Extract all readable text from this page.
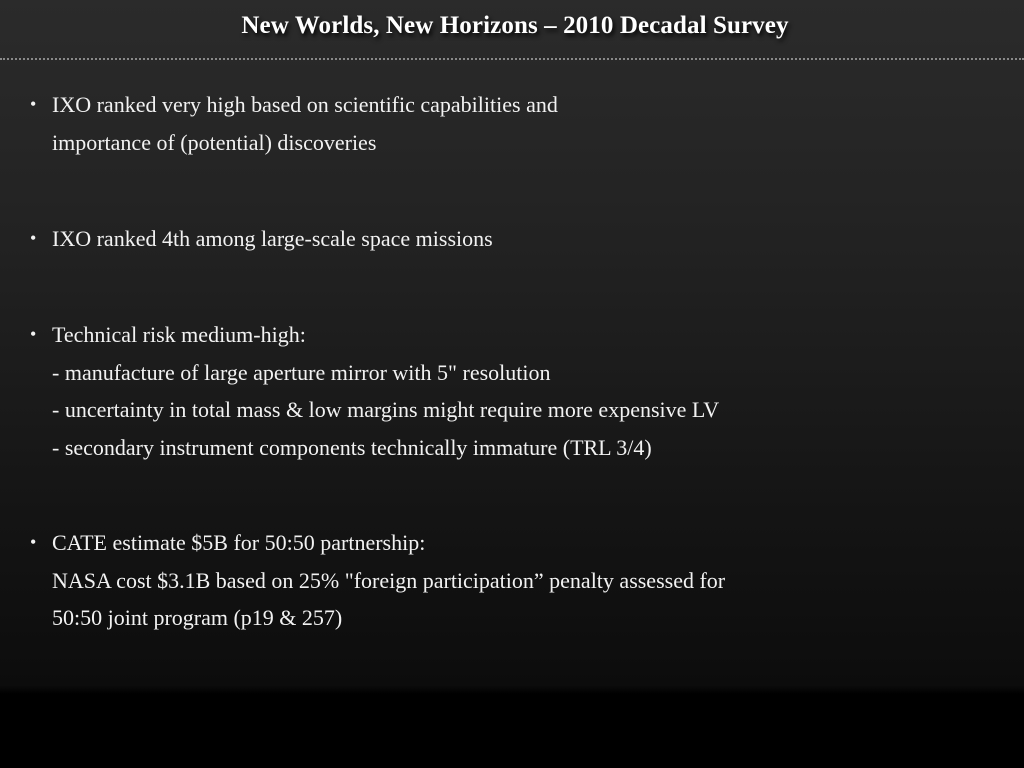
New Worlds, New Horizons – 2010 Decadal Survey
• IXO ranked very high based on scientific capabilities and
importance of (potential) discoveries
• IXO ranked 4th among large-scale space missions
• Technical risk medium-high:
- manufacture of large aperture mirror with 5" resolution
- uncertainty in total mass & low margins might require more expensive LV
- secondary instrument components technically immature (TRL 3/4)
• CATE estimate $5B for 50:50 partnership:
NASA cost $3.1B based on 25% "foreign participation” penalty assessed for
50:50 joint program (p19 & 257)
